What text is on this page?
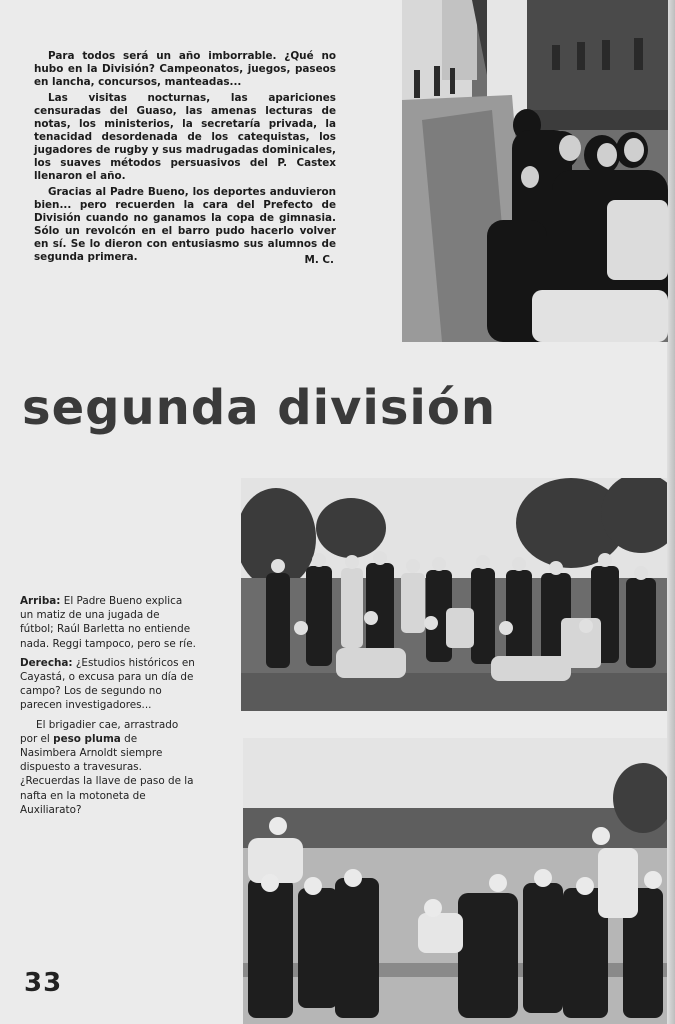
Para todos será un año imborrable. ¿Qué no hubo en la División? Campeonatos, juegos, paseos en lancha, concursos, manteadas...

Las visitas nocturnas, las apariciones censuradas del Guaso, las amenas lecturas de notas, los ministerios, la secretaría privada, la tenacidad desordenada de los catequistas, los jugadores de rugby y sus madrugadas dominicales, los suaves métodos persuasivos del P. Castex llenaron el año.

Gracias al Padre Bueno, los deportes anduvieron bien... pero recuerden la cara del Prefecto de División cuando no ganamos la copa de gimnasia. Sólo un revolcón en el barro pudo hacerlo volver en sí. Se lo dieron con entusiasmo sus alumnos de segunda primera.	M. C.

segunda división

Arriba: El Padre Bueno explica un matiz de una jugada de fútbol; Raúl Barletta no entiende nada. Reggi tampoco, pero se ríe.

Derecha: ¿Estudios históricos en Cayastá, o excusa para un día de campo? Los de segundo no parecen investigadores...

El brigadier cae, arrastrado por el peso pluma de Nasimbera Arnoldt siempre dispuesto a travesuras. ¿Recuerdas la llave de paso de la nafta en la motoneta de Auxiliaratо?

33
